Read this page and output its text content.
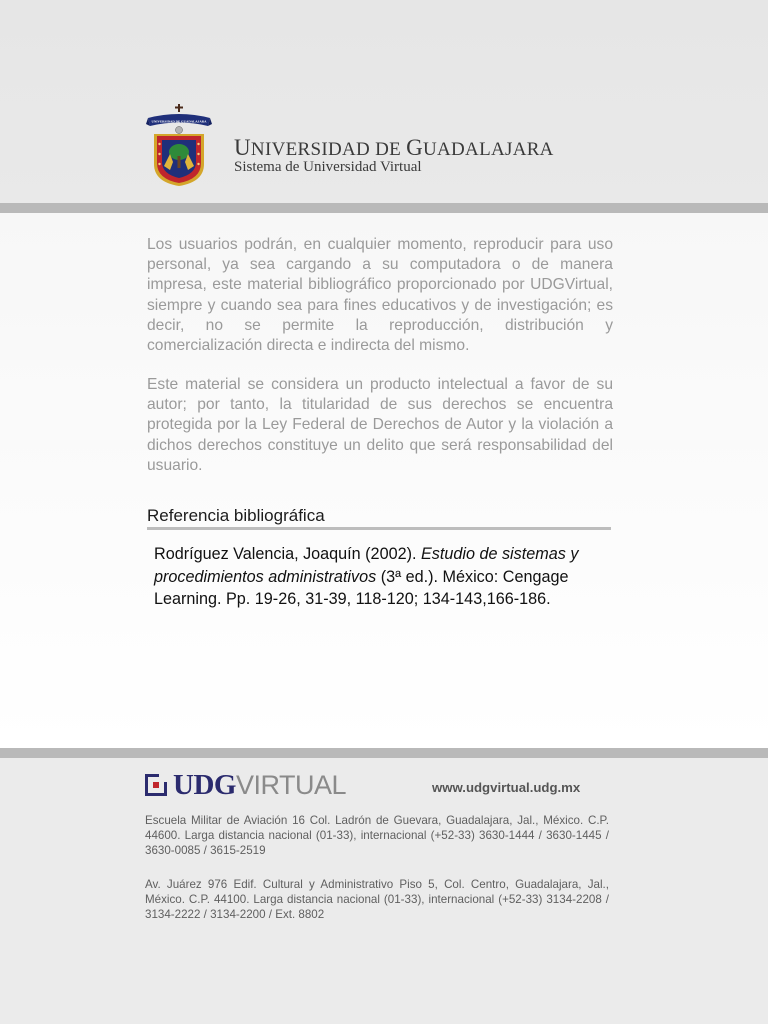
UNIVERSIDAD DE GUADALAJARA
UNIVERSIDAD DE GUADALAJARA
Sistema de Universidad Virtual

Los usuarios podrán, en cualquier momento, reproducir para uso personal, ya sea cargando a su computadora o de manera impresa, este material bibliográfico proporcionado por UDGVirtual, siempre y cuando sea para fines educativos y de investigación; es decir, no se permite la reproducción, distribución y comercialización directa e indirecta del mismo.

Este material se considera un producto intelectual a favor de su autor; por tanto, la titularidad de sus derechos se encuentra protegida por la Ley Federal de Derechos de Autor y la violación a dichos derechos constituye un delito que será responsabilidad del usuario.

Referencia bibliográfica

Rodríguez Valencia, Joaquín (2002). Estudio de sistemas y procedimientos administrativos (3ª ed.). México: Cengage Learning. Pp. 19-26, 31-39, 118-120; 134-143,166-186.

UDG VIRTUAL	www.udgvirtual.udg.mx

Escuela Militar de Aviación 16 Col. Ladrón de Guevara, Guadalajara, Jal., México. C.P. 44600. Larga distancia nacional (01-33), internacional (+52-33) 3630-1444 / 3630-1445 / 3630-0085 / 3615-2519

Av. Juárez 976 Edif. Cultural y Administrativo Piso 5, Col. Centro, Guadalajara, Jal., México. C.P. 44100. Larga distancia nacional (01-33), internacional (+52-33) 3134-2208 / 3134-2222 / 3134-2200 / Ext. 8802
